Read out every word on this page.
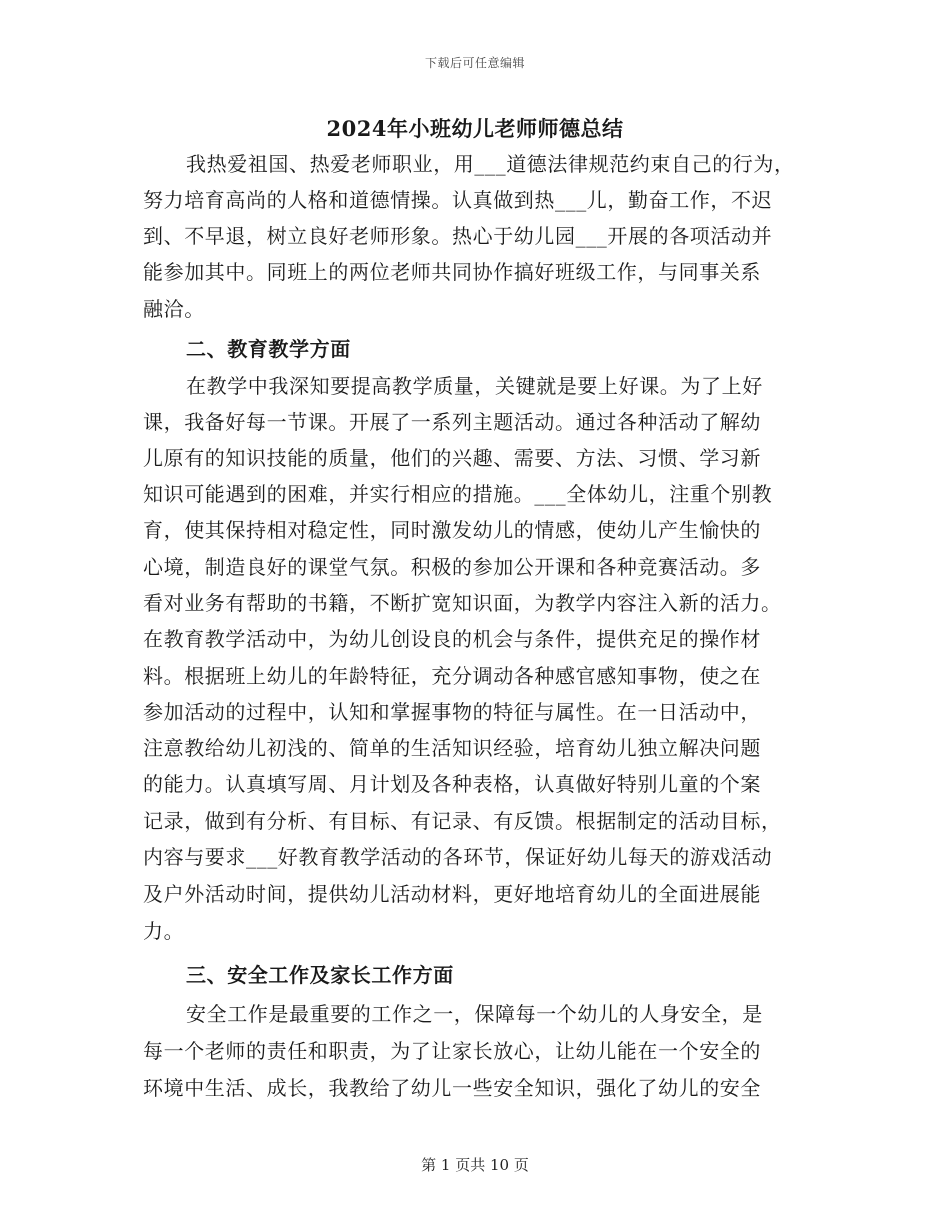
下载后可任意编辑
2024年小班幼儿老师师德总结
我热爱祖国、热爱老师职业，用___道德法律规范约束自己的行为，
努力培育高尚的人格和道德情操。认真做到热___儿，勤奋工作，不迟
到、不早退，树立良好老师形象。热心于幼儿园___开展的各项活动并
能参加其中。同班上的两位老师共同协作搞好班级工作，与同事关系
融洽。
二、教育教学方面
在教学中我深知要提高教学质量，关键就是要上好课。为了上好
课，我备好每一节课。开展了一系列主题活动。通过各种活动了解幼
儿原有的知识技能的质量，他们的兴趣、需要、方法、习惯、学习新
知识可能遇到的困难，并实行相应的措施。___全体幼儿，注重个别教
育，使其保持相对稳定性，同时激发幼儿的情感，使幼儿产生愉快的
心境，制造良好的课堂气氛。积极的参加公开课和各种竞赛活动。多
看对业务有帮助的书籍，不断扩宽知识面，为教学内容注入新的活力。
在教育教学活动中，为幼儿创设良的机会与条件，提供充足的操作材
料。根据班上幼儿的年龄特征，充分调动各种感官感知事物，使之在
参加活动的过程中，认知和掌握事物的特征与属性。在一日活动中，
注意教给幼儿初浅的、简单的生活知识经验，培育幼儿独立解决问题
的能力。认真填写周、月计划及各种表格，认真做好特别儿童的个案
记录，做到有分析、有目标、有记录、有反馈。根据制定的活动目标，
内容与要求___好教育教学活动的各环节，保证好幼儿每天的游戏活动
及户外活动时间，提供幼儿活动材料，更好地培育幼儿的全面进展能
力。
三、安全工作及家长工作方面
安全工作是最重要的工作之一，保障每一个幼儿的人身安全，是
每一个老师的责任和职责，为了让家长放心，让幼儿能在一个安全的
环境中生活、成长，我教给了幼儿一些安全知识，强化了幼儿的安全
第 1 页共 10 页
